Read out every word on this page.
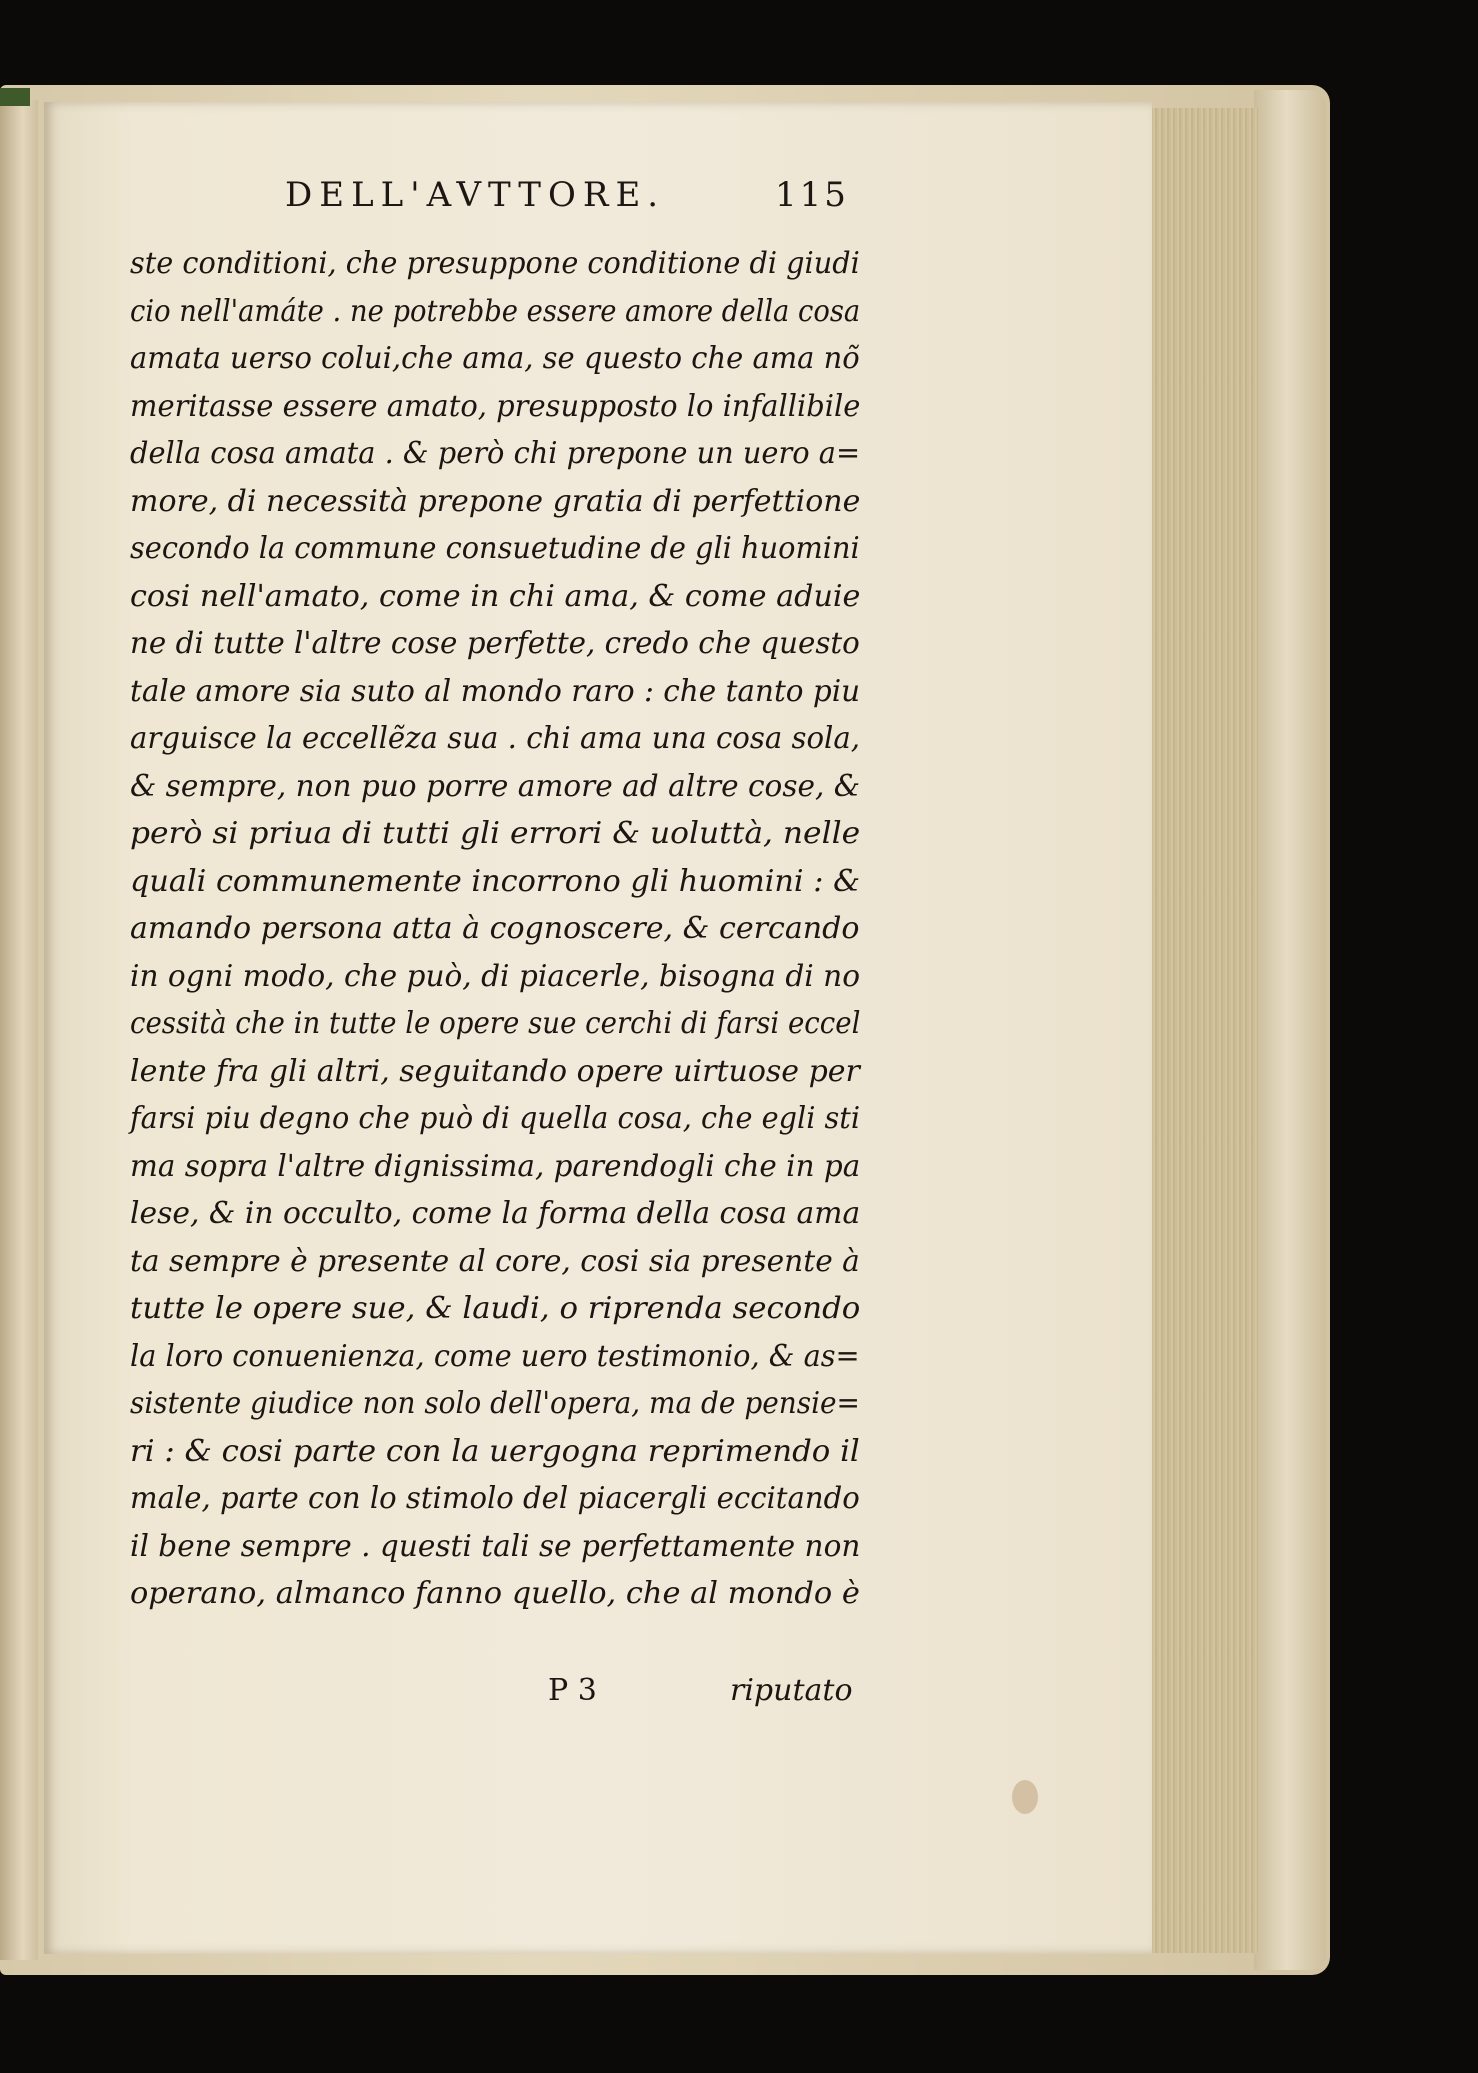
DELL'AVTTORE.	115
ste conditioni, che presuppone conditione di giudi
cio nell'amáte . ne potrebbe essere amore della cosa
amata uerso colui,che ama, se questo che ama nõ
meritasse essere amato, presupposto lo infallibile
della cosa amata . & però chi prepone un uero a=
more, di necessità prepone gratia di perfettione
secondo la commune consuetudine de gli huomini
cosi nell'amato, come in chi ama, & come aduie
ne di tutte l'altre cose perfette, credo che questo
tale amore sia suto al mondo raro : che tanto piu
arguisce la eccellẽza sua . chi ama una cosa sola,
& sempre, non puo porre amore ad altre cose, &
però si priua di tutti gli errori & uoluttà, nelle
quali communemente incorrono gli huomini : &
amando persona atta à cognoscere, & cercando
in ogni modo, che può, di piacerle, bisogna di no
cessità che in tutte le opere sue cerchi di farsi eccel
lente fra gli altri, seguitando opere uirtuose per
farsi piu degno che può di quella cosa, che egli sti
ma sopra l'altre dignissima, parendogli che in pa
lese, & in occulto, come la forma della cosa ama
ta sempre è presente al core, cosi sia presente à
tutte le opere sue, & laudi, o riprenda secondo
la loro conuenienza, come uero testimonio, & as=
sistente giudice non solo dell'opera, ma de pensie=
ri : & cosi parte con la uergogna reprimendo il
male, parte con lo stimolo del piacergli eccitando
il bene sempre . questi tali se perfettamente non
operano, almanco fanno quello, che al mondo è
P 3	riputato
